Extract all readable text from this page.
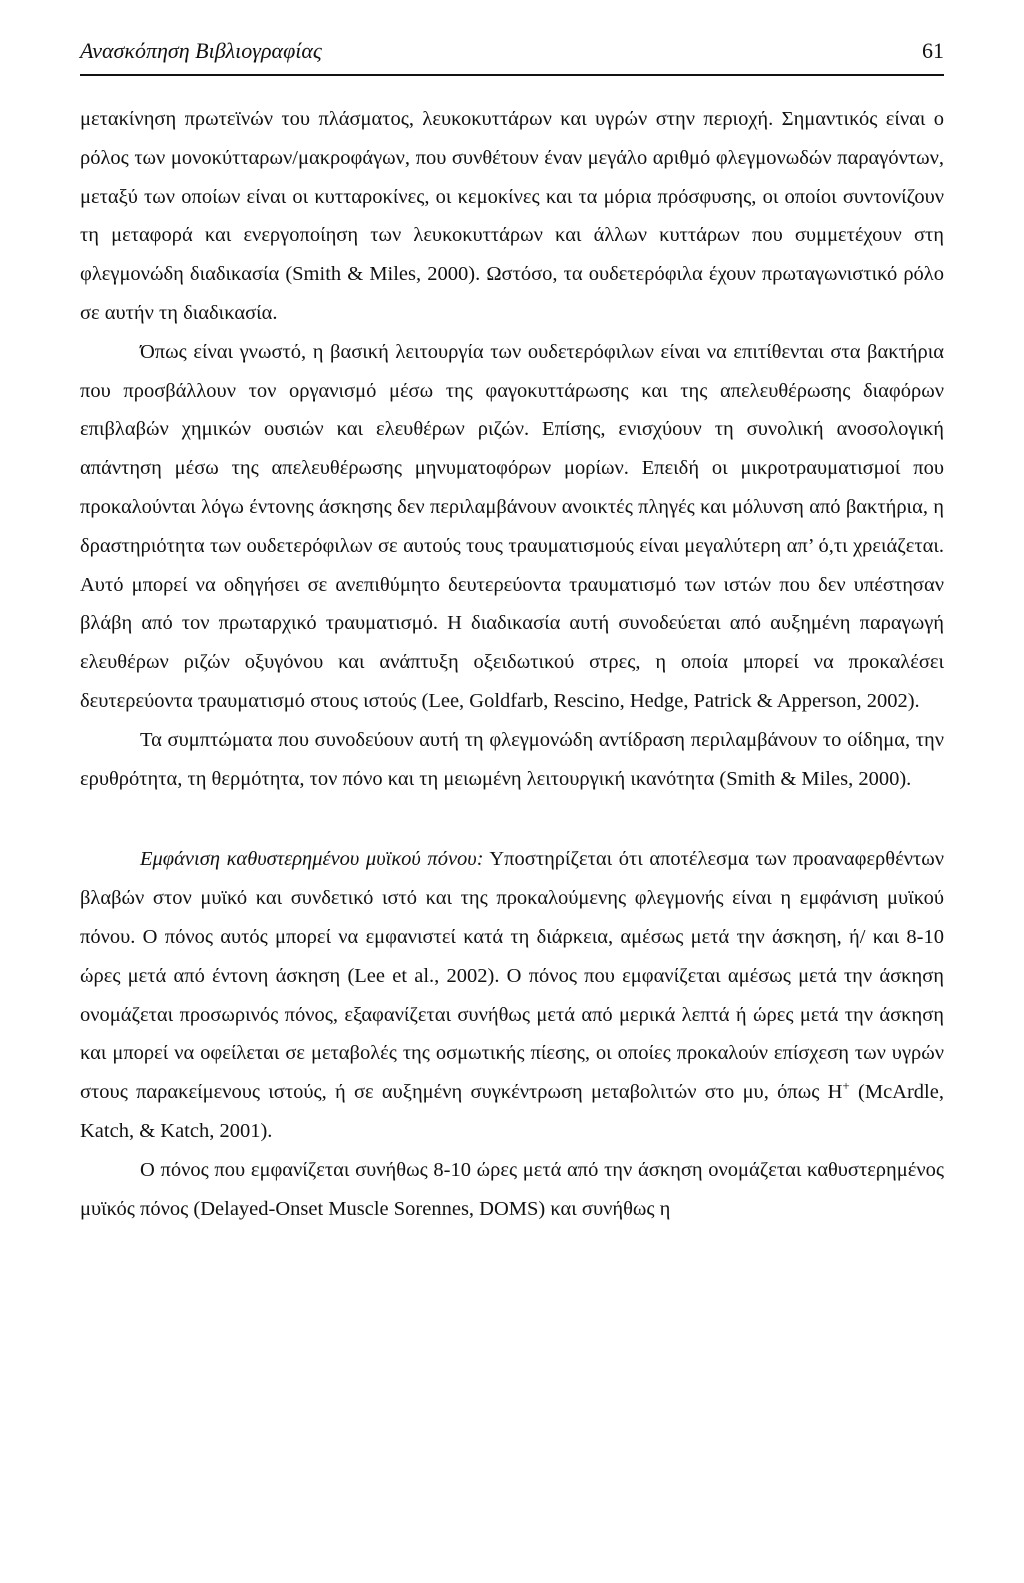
Ανασκόπηση Βιβλιογραφίας	61

μετακίνηση πρωτεϊνών του πλάσματος, λευκοκυττάρων και υγρών στην περιοχή. Σημαντικός είναι ο ρόλος των μονοκύτταρων/μακροφάγων, που συνθέτουν έναν μεγάλο αριθμό φλεγμονωδών παραγόντων, μεταξύ των οποίων είναι οι κυτταροκίνες, οι κεμοκίνες και τα μόρια πρόσφυσης, οι οποίοι συντονίζουν τη μεταφορά και ενεργοποίηση των λευκοκυττάρων και άλλων κυττάρων που συμμετέχουν στη φλεγμονώδη διαδικασία (Smith & Miles, 2000). Ωστόσο, τα ουδετερόφιλα έχουν πρωταγωνιστικό ρόλο σε αυτήν τη διαδικασία.

Όπως είναι γνωστό, η βασική λειτουργία των ουδετερόφιλων είναι να επιτίθενται στα βακτήρια που προσβάλλουν τον οργανισμό μέσω της φαγοκυττάρωσης και της απελευθέρωσης διαφόρων επιβλαβών χημικών ουσιών και ελευθέρων ριζών. Επίσης, ενισχύουν τη συνολική ανοσολογική απάντηση μέσω της απελευθέρωσης μηνυματοφόρων μορίων. Επειδή οι μικροτραυματισμοί που προκαλούνται λόγω έντονης άσκησης δεν περιλαμβάνουν ανοικτές πληγές και μόλυνση από βακτήρια, η δραστηριότητα των ουδετερόφιλων σε αυτούς τους τραυματισμούς είναι μεγαλύτερη απ’ ό,τι χρειάζεται. Αυτό μπορεί να οδηγήσει σε ανεπιθύμητο δευτερεύοντα τραυματισμό των ιστών που δεν υπέστησαν βλάβη από τον πρωταρχικό τραυματισμό. Η διαδικασία αυτή συνοδεύεται από αυξημένη παραγωγή ελευθέρων ριζών οξυγόνου και ανάπτυξη οξειδωτικού στρες, η οποία μπορεί να προκαλέσει δευτερεύοντα τραυματισμό στους ιστούς (Lee, Goldfarb, Rescino, Hedge, Patrick & Apperson, 2002).

Τα συμπτώματα που συνοδεύουν αυτή τη φλεγμονώδη αντίδραση περιλαμβάνουν το οίδημα, την ερυθρότητα, τη θερμότητα, τον πόνο και τη μειωμένη λειτουργική ικανότητα (Smith & Miles, 2000).

Εμφάνιση καθυστερημένου μυϊκού πόνου: Υποστηρίζεται ότι αποτέλεσμα των προαναφερθέντων βλαβών στον μυϊκό και συνδετικό ιστό και της προκαλούμενης φλεγμονής είναι η εμφάνιση μυϊκού πόνου. Ο πόνος αυτός μπορεί να εμφανιστεί κατά τη διάρκεια, αμέσως μετά την άσκηση, ή/ και 8-10 ώρες μετά από έντονη άσκηση (Lee et al., 2002). Ο πόνος που εμφανίζεται αμέσως μετά την άσκηση ονομάζεται προσωρινός πόνος, εξαφανίζεται συνήθως μετά από μερικά λεπτά ή ώρες μετά την άσκηση και μπορεί να οφείλεται σε μεταβολές της οσμωτικής πίεσης, οι οποίες προκαλούν επίσχεση των υγρών στους παρακείμενους ιστούς, ή σε αυξημένη συγκέντρωση μεταβολιτών στο μυ, όπως Η+ (McArdle, Katch, & Katch, 2001).

Ο πόνος που εμφανίζεται συνήθως 8-10 ώρες μετά από την άσκηση ονομάζεται καθυστερημένος μυϊκός πόνος (Delayed-Onset Muscle Sorennes, DOMS) και συνήθως η
